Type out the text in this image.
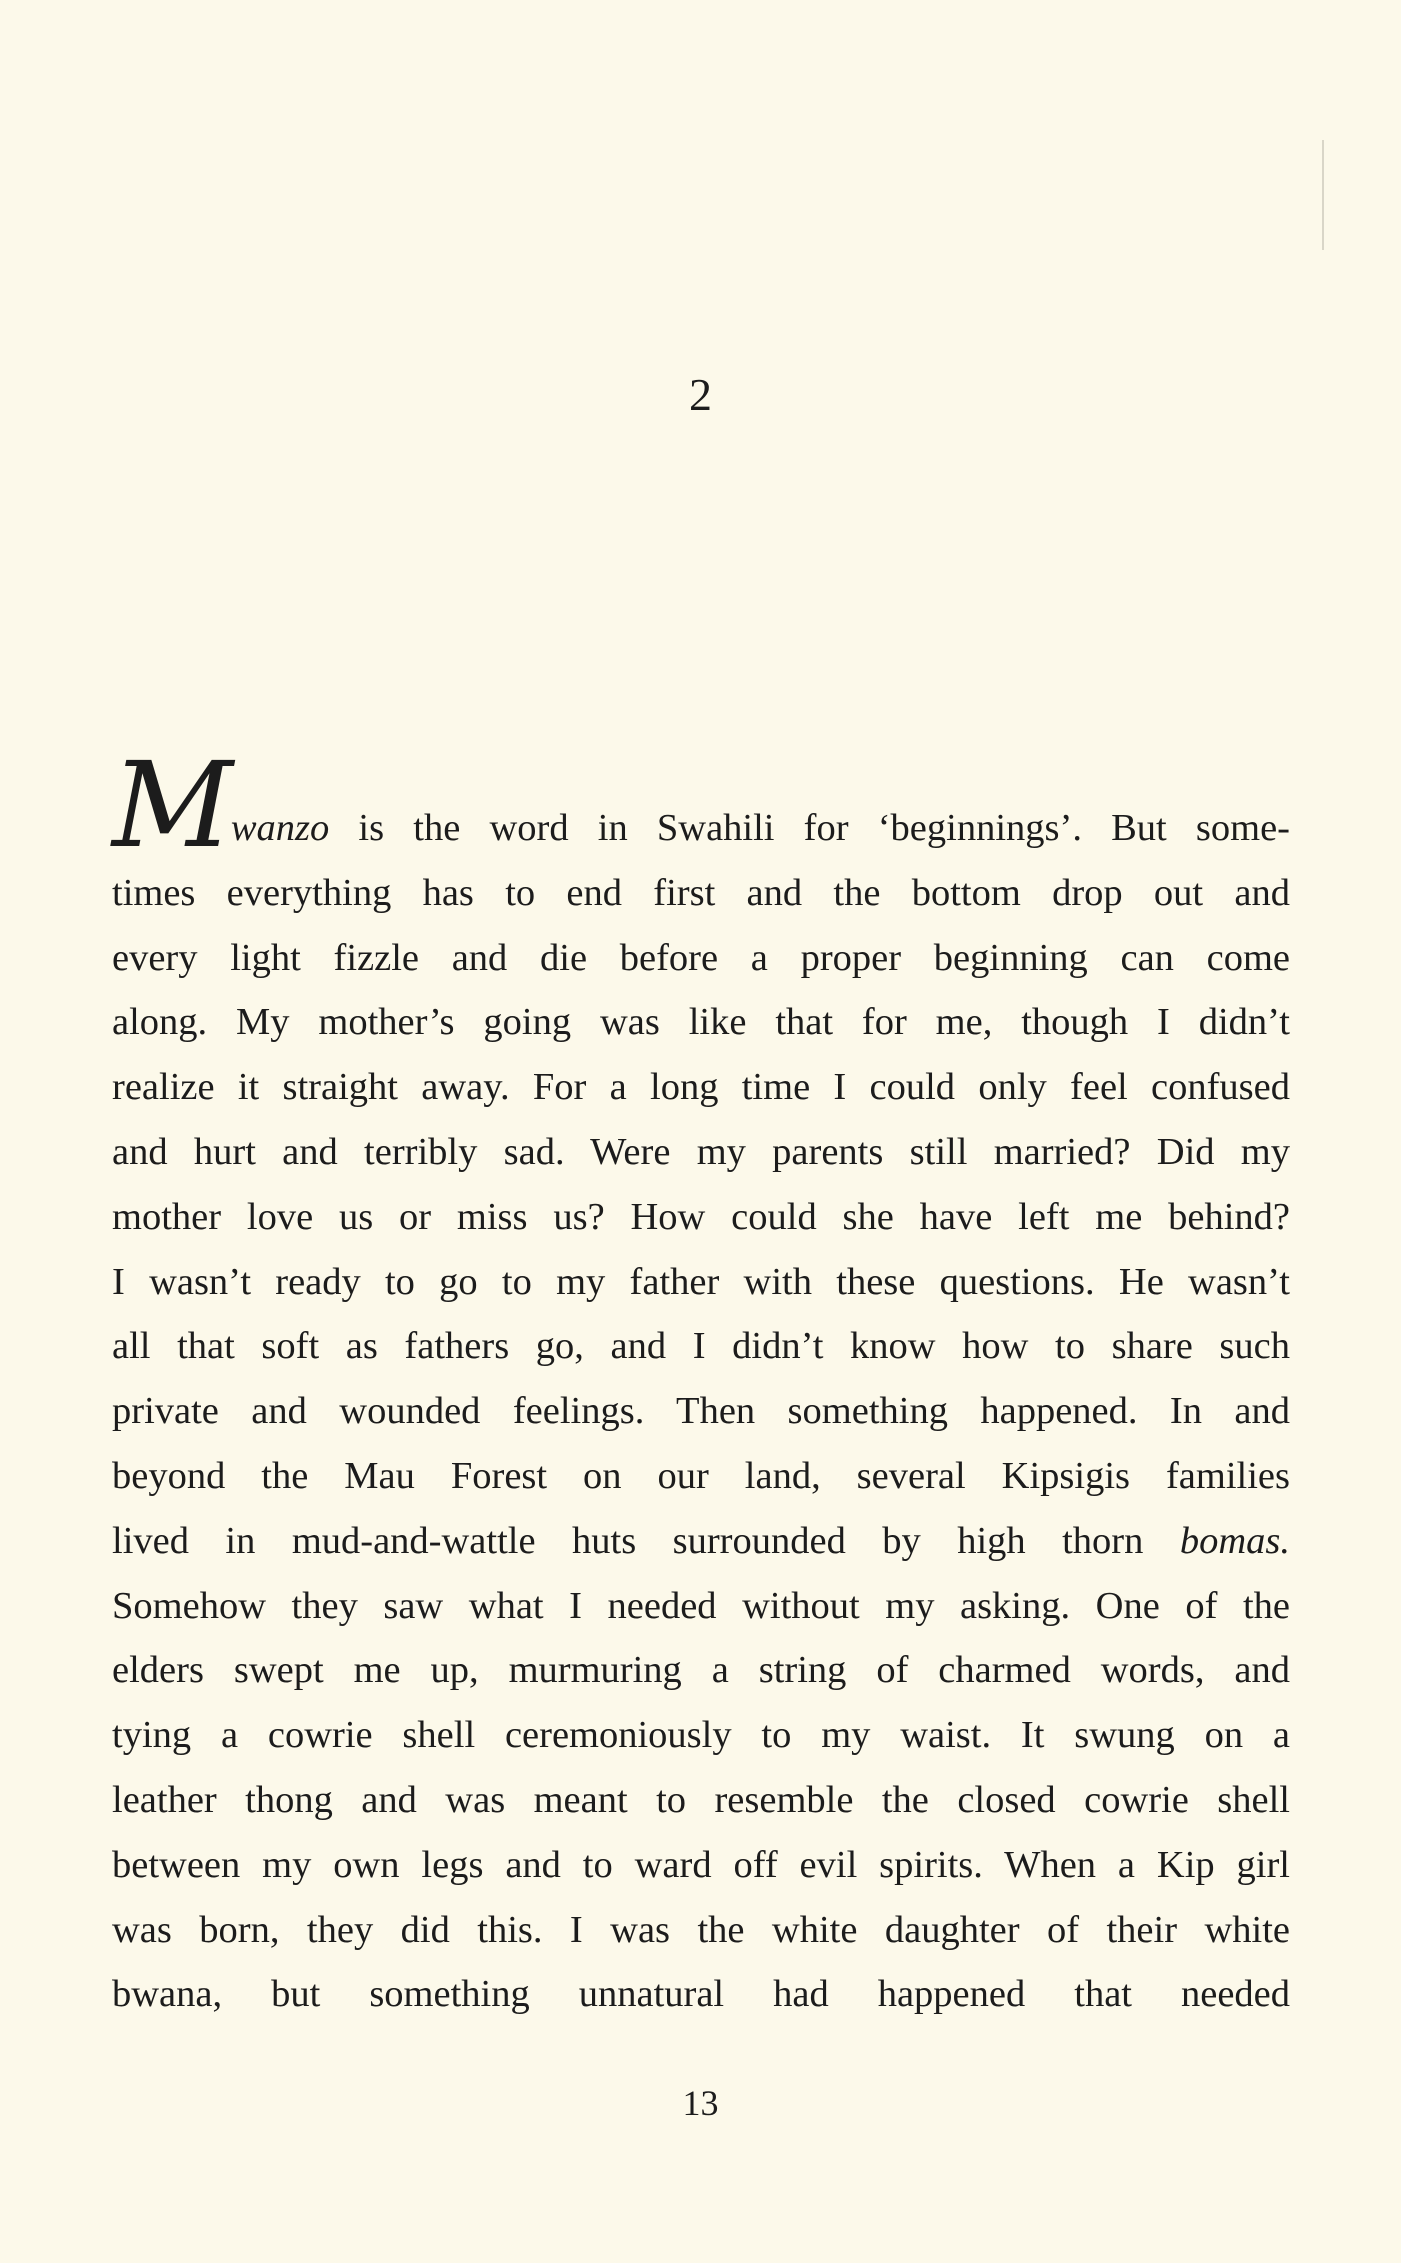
2
Mwanzo is the word in Swahili for ‘beginnings’. But some-
times everything has to end first and the bottom drop out and
every light fizzle and die before a proper beginning can come
along. My mother’s going was like that for me, though I didn’t
realize it straight away. For a long time I could only feel confused
and hurt and terribly sad. Were my parents still married? Did my
mother love us or miss us? How could she have left me behind?
I wasn’t ready to go to my father with these questions. He wasn’t
all that soft as fathers go, and I didn’t know how to share such
private and wounded feelings. Then something happened. In and
beyond the Mau Forest on our land, several Kipsigis families
lived in mud-and-wattle huts surrounded by high thorn bomas.
Somehow they saw what I needed without my asking. One of the
elders swept me up, murmuring a string of charmed words, and
tying a cowrie shell ceremoniously to my waist. It swung on a
leather thong and was meant to resemble the closed cowrie shell
between my own legs and to ward off evil spirits. When a Kip girl
was born, they did this. I was the white daughter of their white
bwana, but something unnatural had happened that needed
13
